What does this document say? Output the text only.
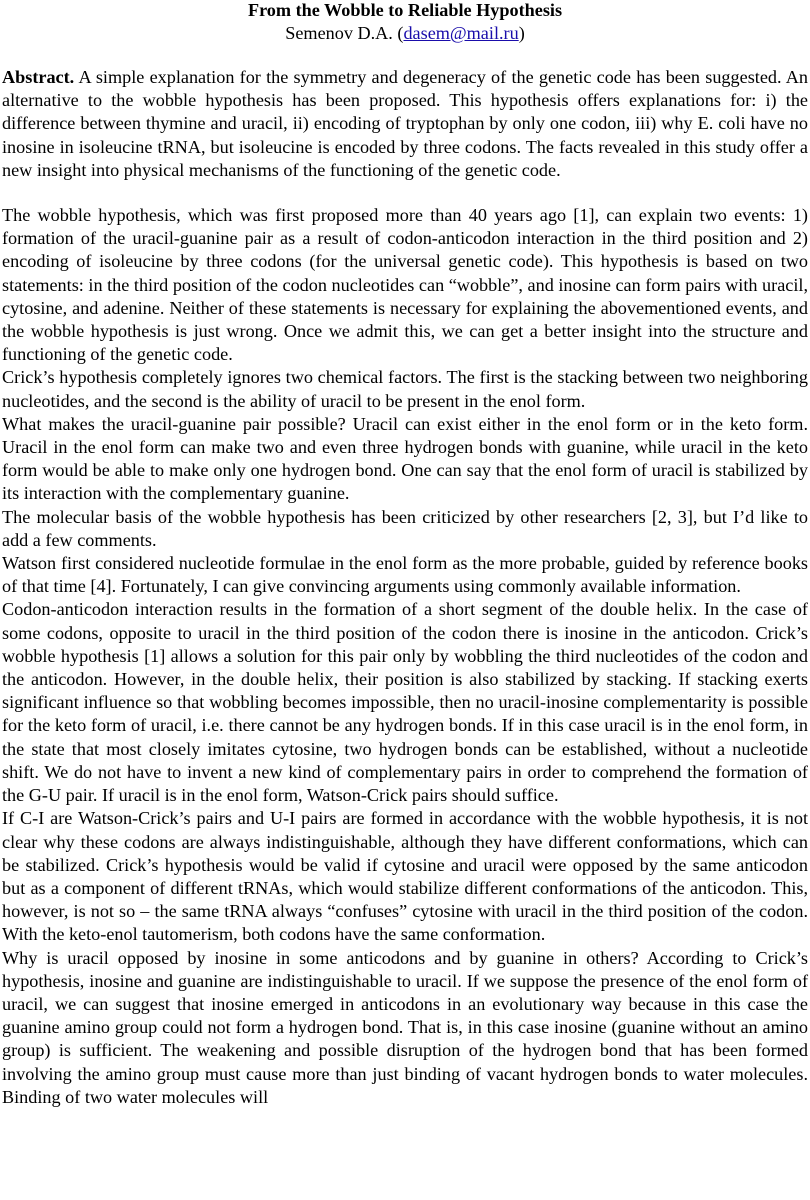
From the Wobble to Reliable Hypothesis
Semenov D.A. (dasem@mail.ru)

Abstract. A simple explanation for the symmetry and degeneracy of the genetic code has been suggested. An alternative to the wobble hypothesis has been proposed. This hypothesis offers explanations for: i) the difference between thymine and uracil, ii) encoding of tryptophan by only one codon, iii) why E. coli have no inosine in isoleucine tRNA, but isoleucine is encoded by three codons. The facts revealed in this study offer a new insight into physical mechanisms of the functioning of the genetic code.

The wobble hypothesis, which was first proposed more than 40 years ago [1], can explain two events: 1) formation of the uracil-guanine pair as a result of codon-anticodon interaction in the third position and 2) encoding of isoleucine by three codons (for the universal genetic code). This hypothesis is based on two statements: in the third position of the codon nucleotides can “wobble”, and inosine can form pairs with uracil, cytosine, and adenine. Neither of these statements is necessary for explaining the abovementioned events, and the wobble hypothesis is just wrong. Once we admit this, we can get a better insight into the structure and functioning of the genetic code.

Crick’s hypothesis completely ignores two chemical factors. The first is the stacking between two neighboring nucleotides, and the second is the ability of uracil to be present in the enol form.

What makes the uracil-guanine pair possible? Uracil can exist either in the enol form or in the keto form. Uracil in the enol form can make two and even three hydrogen bonds with guanine, while uracil in the keto form would be able to make only one hydrogen bond. One can say that the enol form of uracil is stabilized by its interaction with the complementary guanine.

The molecular basis of the wobble hypothesis has been criticized by other researchers [2, 3], but I’d like to add a few comments.

Watson first considered nucleotide formulae in the enol form as the more probable, guided by reference books of that time [4]. Fortunately, I can give convincing arguments using commonly available information.

Codon-anticodon interaction results in the formation of a short segment of the double helix. In the case of some codons, opposite to uracil in the third position of the codon there is inosine in the anticodon. Crick’s wobble hypothesis [1] allows a solution for this pair only by wobbling the third nucleotides of the codon and the anticodon. However, in the double helix, their position is also stabilized by stacking. If stacking exerts significant influence so that wobbling becomes impossible, then no uracil-inosine complementarity is possible for the keto form of uracil, i.e. there cannot be any hydrogen bonds. If in this case uracil is in the enol form, in the state that most closely imitates cytosine, two hydrogen bonds can be established, without a nucleotide shift. We do not have to invent a new kind of complementary pairs in order to comprehend the formation of the G-U pair. If uracil is in the enol form, Watson-Crick pairs should suffice.

If C-I are Watson-Crick’s pairs and U-I pairs are formed in accordance with the wobble hypothesis, it is not clear why these codons are always indistinguishable, although they have different conformations, which can be stabilized. Crick’s hypothesis would be valid if cytosine and uracil were opposed by the same anticodon but as a component of different tRNAs, which would stabilize different conformations of the anticodon. This, however, is not so – the same tRNA always “confuses” cytosine with uracil in the third position of the codon. With the keto-enol tautomerism, both codons have the same conformation.

Why is uracil opposed by inosine in some anticodons and by guanine in others? According to Crick’s hypothesis, inosine and guanine are indistinguishable to uracil. If we suppose the presence of the enol form of uracil, we can suggest that inosine emerged in anticodons in an evolutionary way because in this case the guanine amino group could not form a hydrogen bond. That is, in this case inosine (guanine without an amino group) is sufficient. The weakening and possible disruption of the hydrogen bond that has been formed involving the amino group must cause more than just binding of vacant hydrogen bonds to water molecules. Binding of two water molecules will
